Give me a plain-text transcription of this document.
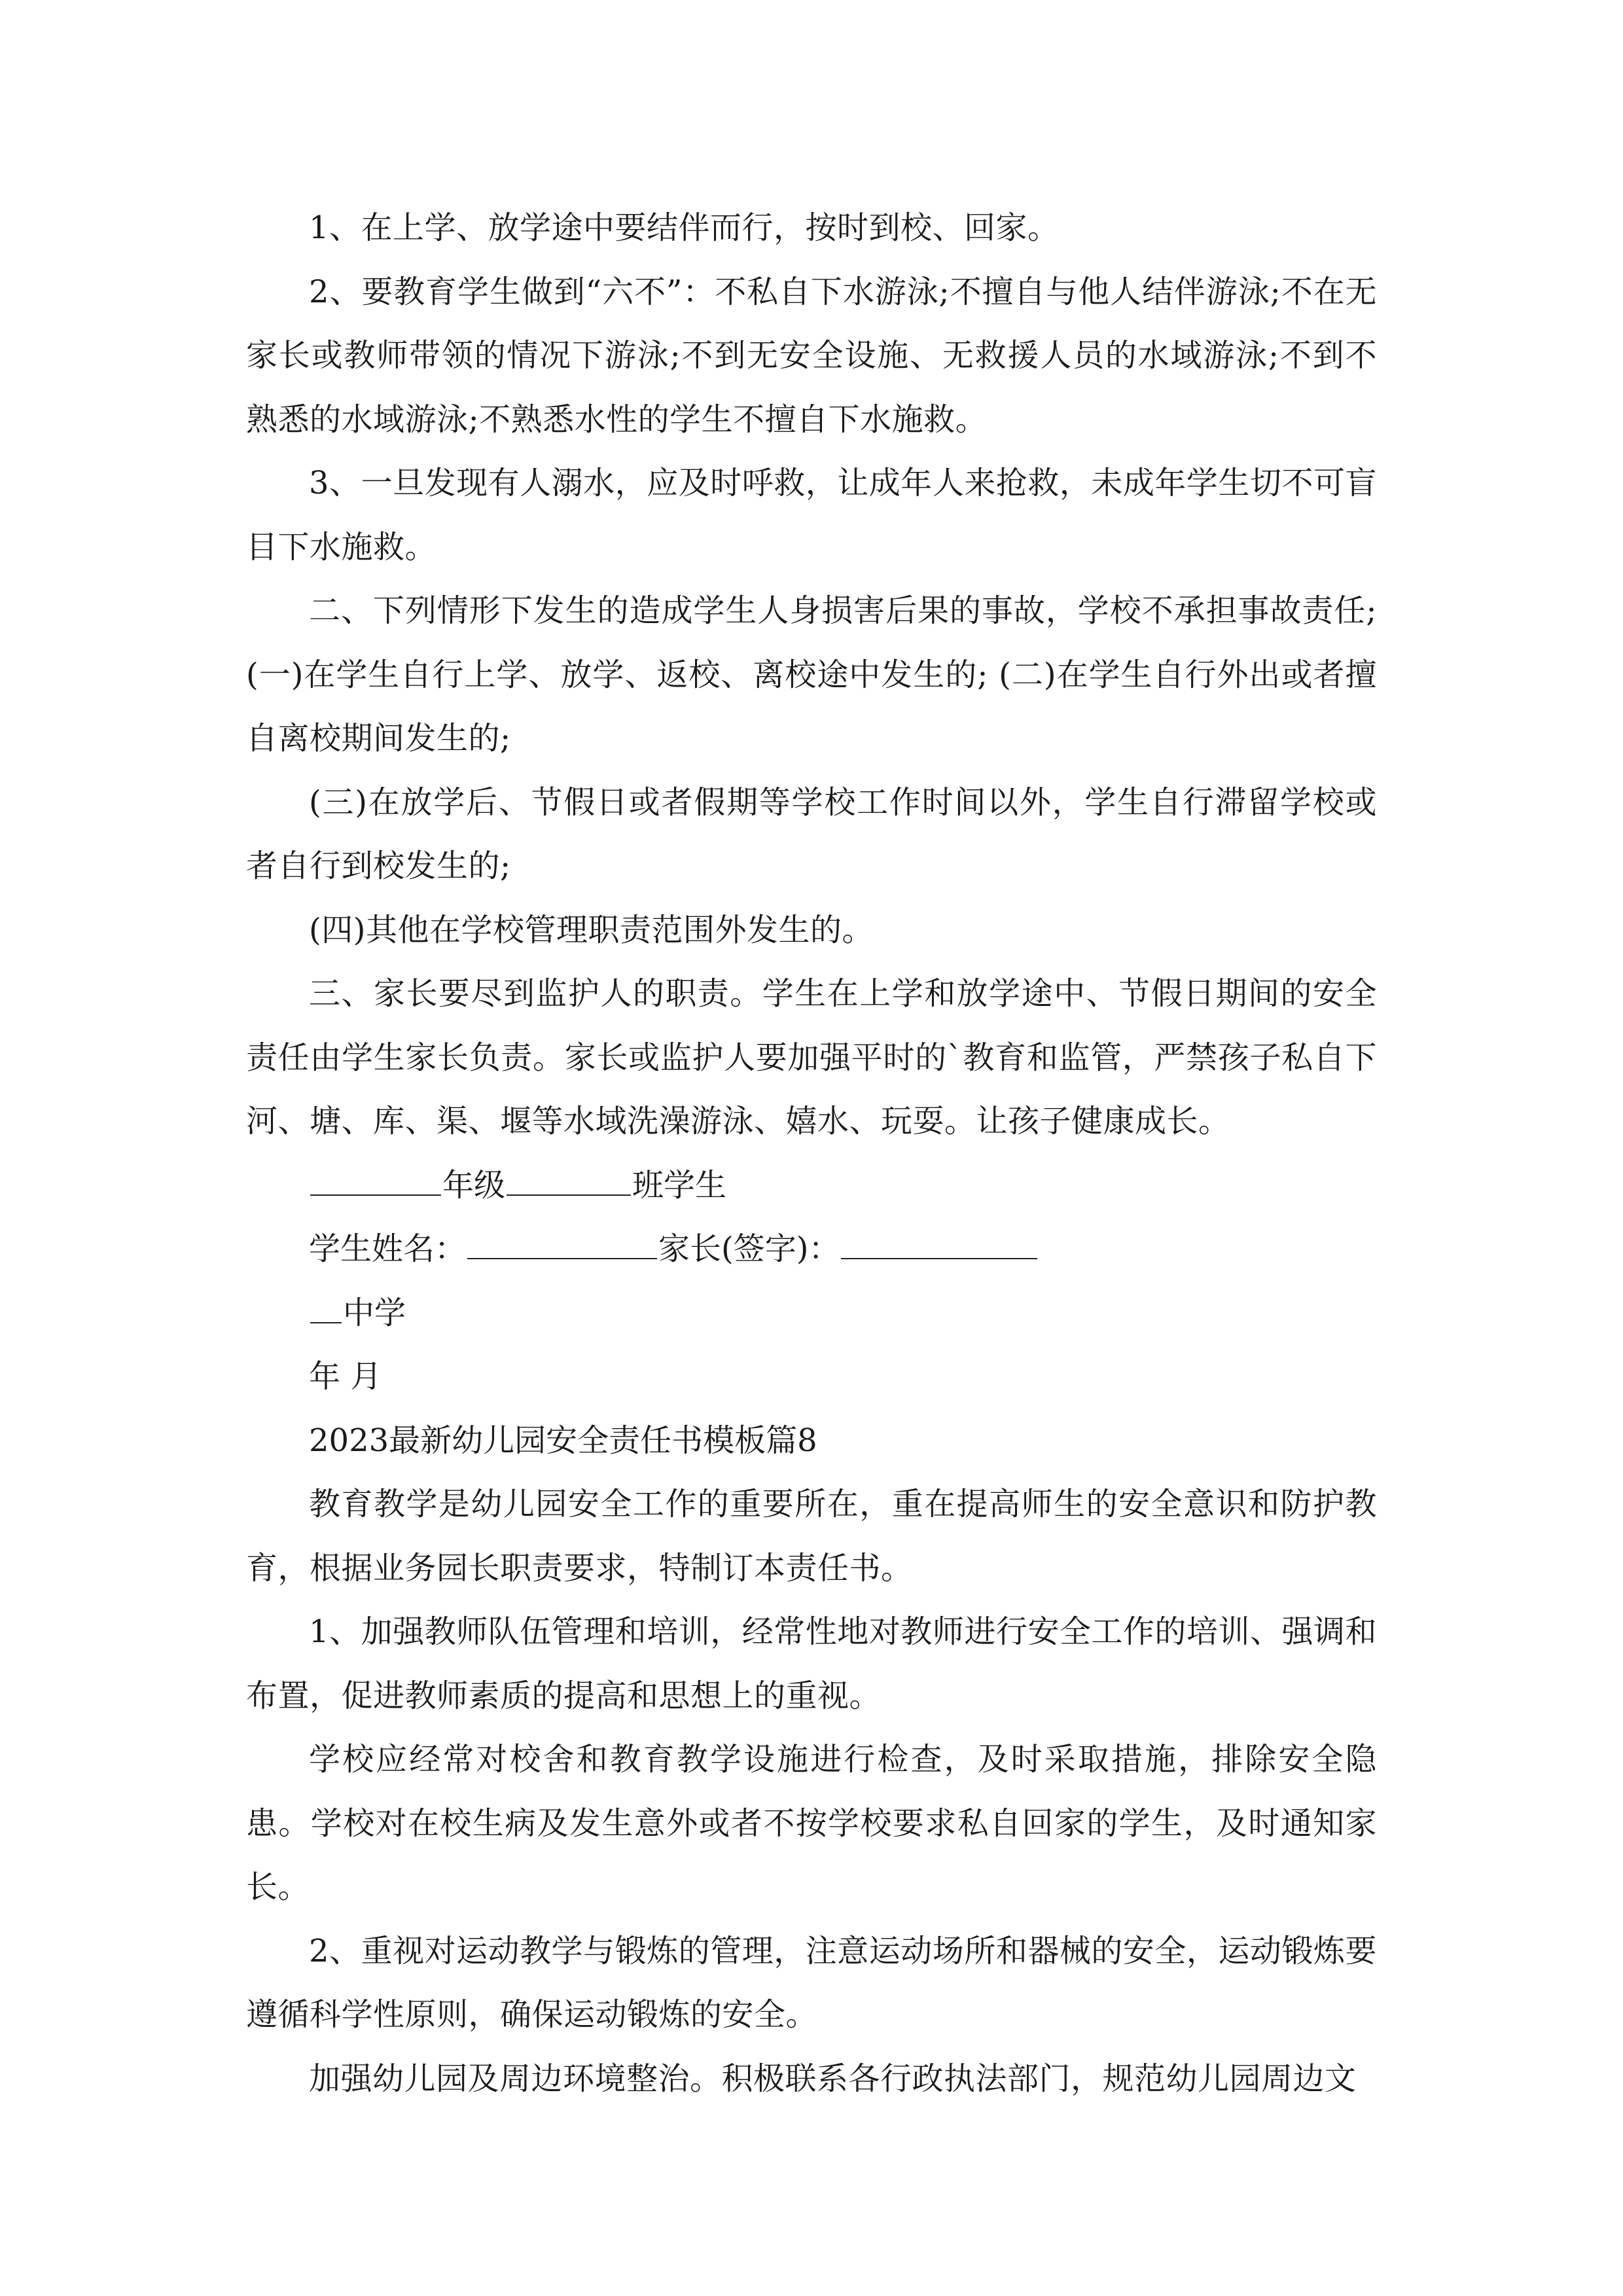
1、在上学、放学途中要结伴而行，按时到校、回家。

2、要教育学生做到“六不”：不私自下水游泳;不擅自与他人结伴游泳;不在无家长或教师带领的情况下游泳;不到无安全设施、无救援人员的水域游泳;不到不熟悉的水域游泳;不熟悉水性的学生不擅自下水施救。

3、一旦发现有人溺水，应及时呼救，让成年人来抢救，未成年学生切不可盲目下水施救。

二、下列情形下发生的造成学生人身损害后果的事故，学校不承担事故责任;(一)在学生自行上学、放学、返校、离校途中发生的; (二)在学生自行外出或者擅自离校期间发生的;

(三)在放学后、节假日或者假期等学校工作时间以外，学生自行滞留学校或者自行到校发生的;

(四)其他在学校管理职责范围外发生的。

三、家长要尽到监护人的职责。学生在上学和放学途中、节假日期间的安全责任由学生家长负责。家长或监护人要加强平时的`教育和监管，严禁孩子私自下河、塘、库、渠、堰等水域洗澡游泳、嬉水、玩耍。让孩子健康成长。

年级	班学生

学生姓名：	家长(签字)：

中学

年 月

2023最新幼儿园安全责任书模板篇8

教育教学是幼儿园安全工作的重要所在，重在提高师生的安全意识和防护教育，根据业务园长职责要求，特制订本责任书。

1、加强教师队伍管理和培训，经常性地对教师进行安全工作的培训、强调和布置，促进教师素质的提高和思想上的重视。

学校应经常对校舍和教育教学设施进行检查，及时采取措施，排除安全隐患。学校对在校生病及发生意外或者不按学校要求私自回家的学生，及时通知家长。

2、重视对运动教学与锻炼的管理，注意运动场所和器械的安全，运动锻炼要遵循科学性原则，确保运动锻炼的安全。

加强幼儿园及周边环境整治。积极联系各行政执法部门，规范幼儿园周边文
